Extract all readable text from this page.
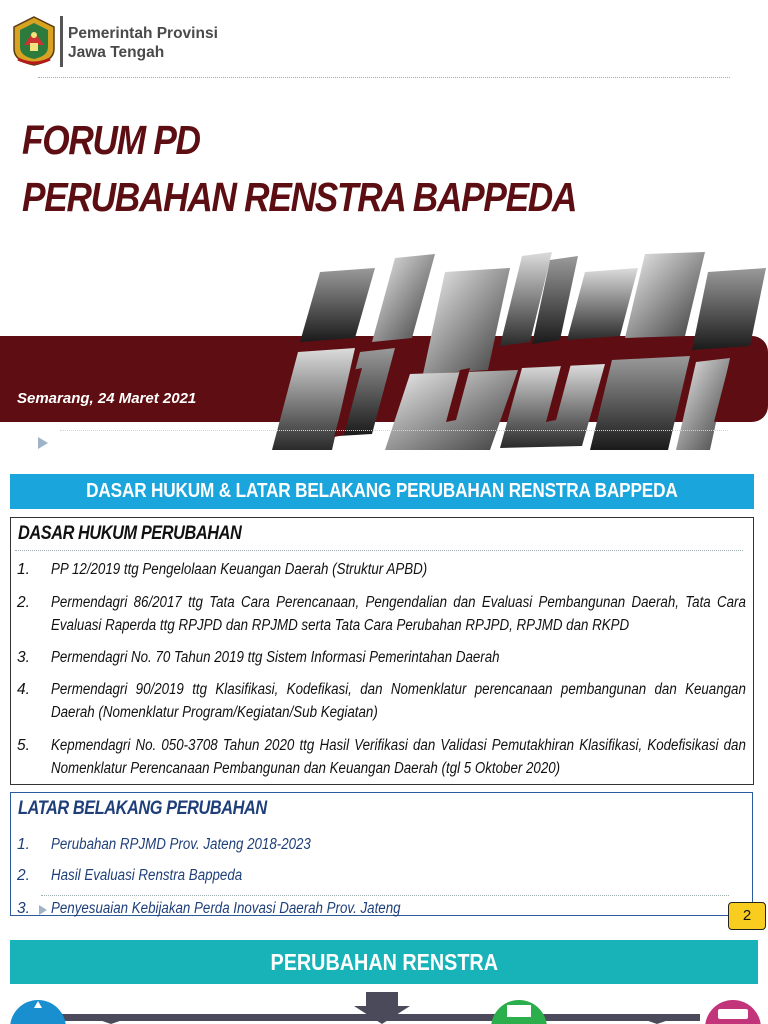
Pemerintah Provinsi
Jawa Tengah
FORUM PD
PERUBAHAN RENSTRA BAPPEDA
Semarang, 24 Maret 2021
DASAR HUKUM & LATAR BELAKANG PERUBAHAN RENSTRA BAPPEDA
DASAR HUKUM PERUBAHAN
1. PP 12/2019 ttg Pengelolaan Keuangan Daerah (Struktur APBD)
2. Permendagri 86/2017 ttg Tata Cara Perencanaan, Pengendalian dan Evaluasi Pembangunan Daerah, Tata Cara Evaluasi Raperda ttg RPJPD dan RPJMD serta Tata Cara Perubahan RPJPD, RPJMD dan RKPD
3. Permendagri No. 70 Tahun 2019 ttg Sistem Informasi Pemerintahan Daerah
4. Permendagri 90/2019 ttg Klasifikasi, Kodefikasi, dan Nomenklatur perencanaan pembangunan dan Keuangan Daerah (Nomenklatur Program/Kegiatan/Sub Kegiatan)
5. Kepmendagri No. 050-3708 Tahun 2020 ttg Hasil Verifikasi dan Validasi Pemutakhiran Klasifikasi, Kodefisikasi dan Nomenklatur Perencanaan Pembangunan dan Keuangan Daerah (tgl 5 Oktober 2020)
LATAR BELAKANG PERUBAHAN
1. Perubahan RPJMD Prov. Jateng 2018-2023
2. Hasil Evaluasi Renstra Bappeda
3. Penyesuaian Kebijakan Perda Inovasi Daerah Prov. Jateng	2
PERUBAHAN RENSTRA
